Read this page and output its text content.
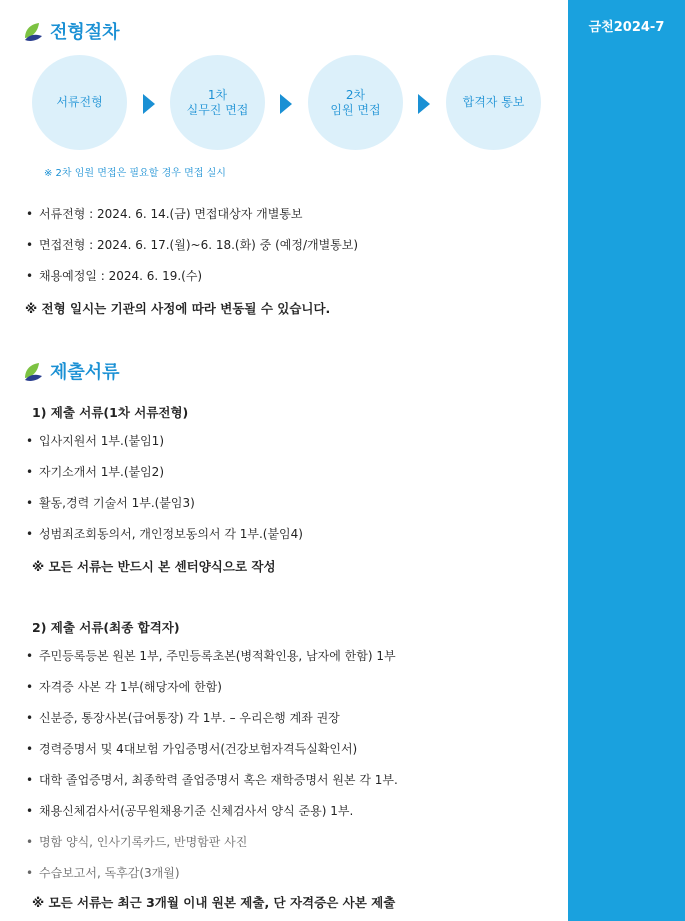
금천2024-7
전형절차
서류전형
1차
실무진 면접
2차
임원 면접
합격자 통보
※ 2차 임원 면접은 필요할 경우 면접 실시
• 서류전형 : 2024. 6. 14.(금) 면접대상자 개별통보
• 면접전형 : 2024. 6. 17.(월)~6. 18.(화) 중 (예정/개별통보)
• 채용예정일 : 2024. 6. 19.(수)
※ 전형 일시는 기관의 사정에 따라 변동될 수 있습니다.
제출서류
1) 제출 서류(1차 서류전형)
• 입사지원서 1부.(붙임1)
• 자기소개서 1부.(붙임2)
• 활동,경력 기술서 1부.(붙임3)
• 성범죄조회동의서, 개인정보동의서 각 1부.(붙임4)
※ 모든 서류는 반드시 본 센터양식으로 작성
2) 제출 서류(최종 합격자)
• 주민등록등본 원본 1부, 주민등록초본(병적확인용, 남자에 한함) 1부
• 자격증 사본 각 1부(해당자에 한함)
• 신분증, 통장사본(급여통장) 각 1부. – 우리은행 계좌 권장
• 경력증명서 및 4대보험 가입증명서(건강보험자격득실확인서)
• 대학 졸업증명서, 최종학력 졸업증명서 혹은 재학증명서 원본 각 1부.
• 채용신체검사서(공무원채용기준 신체검사서 양식 준용) 1부.
• 명함 양식, 인사기록카드, 반명함판 사진
• 수습보고서, 독후감(3개월)
※ 모든 서류는 최근 3개월 이내 원본 제출, 단 자격증은 사본 제출
